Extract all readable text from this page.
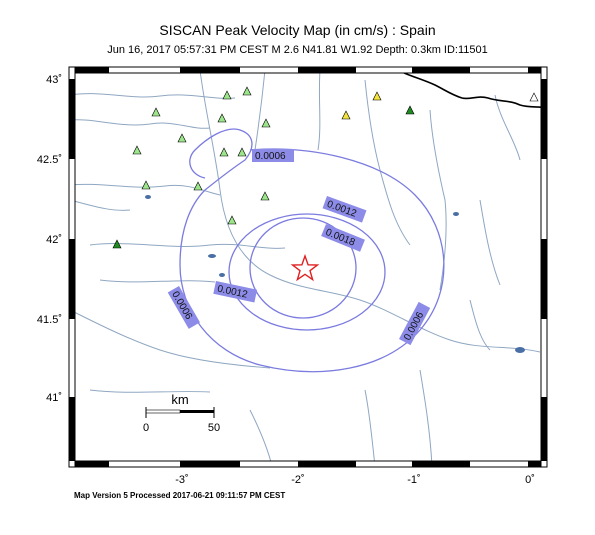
SISCAN Peak Velocity Map (in cm/s) : Spain
Jun 16, 2017 05:57:31 PM CEST M 2.6 N41.81 W1.92 Depth: 0.3km ID:11501
0.0006
0.0012
0.0018
0.0012
0.0006
0.0006
43˚
42.5˚
42˚
41.5˚
41˚
-3˚	-2˚	-1˚	0˚
km
0	50
Map Version 5 Processed 2017-06-21 09:11:57 PM CEST
